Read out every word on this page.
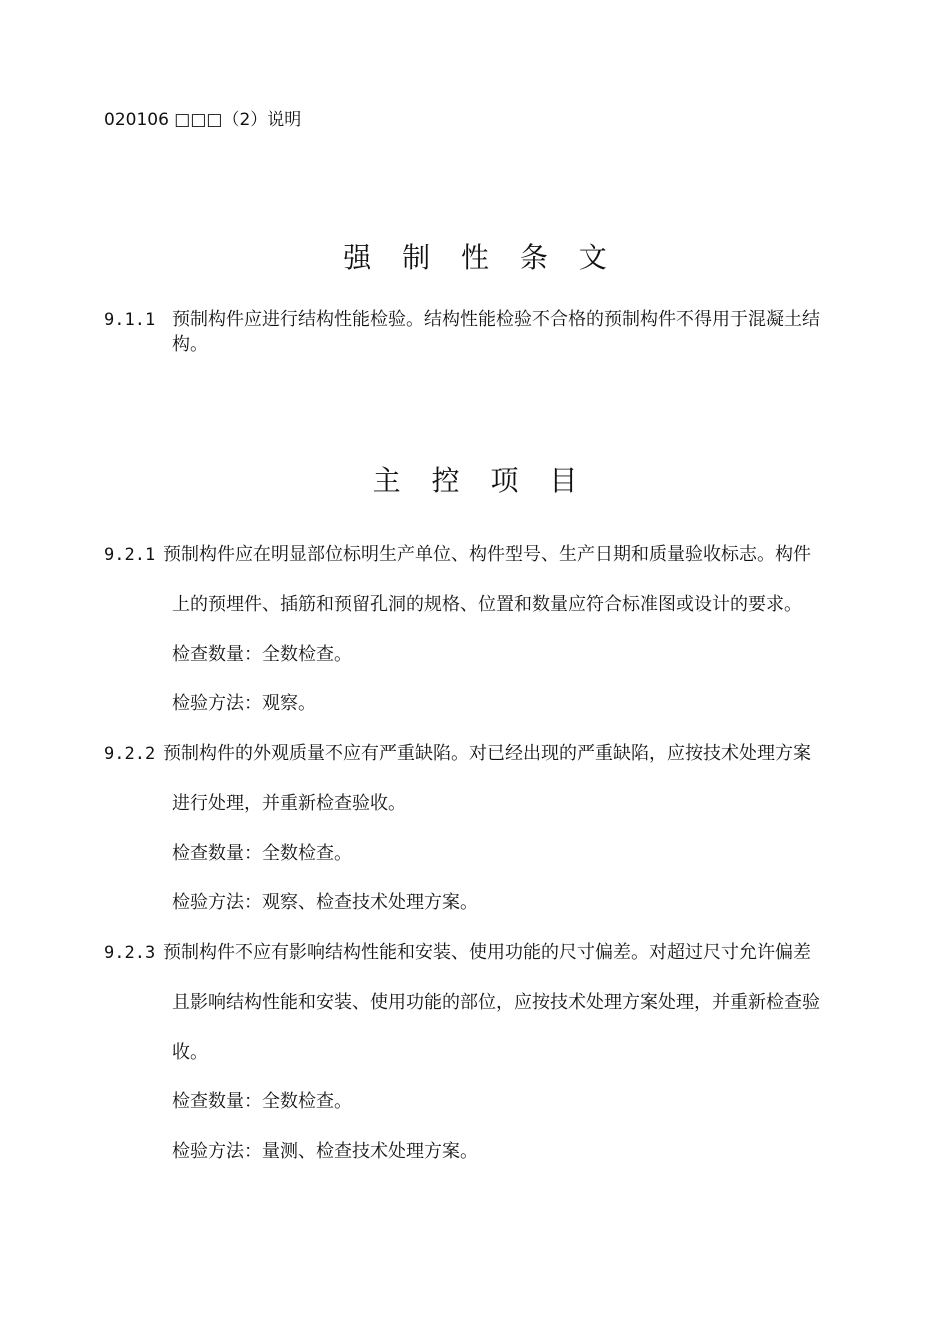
020106 □□□（2）说明
强 制 性 条 文
9.1.1 预制构件应进行结构性能检验。结构性能检验不合格的预制构件不得用于混凝土结
构。
主 控 项 目
9.2.1 预制构件应在明显部位标明生产单位、构件型号、生产日期和质量验收标志。构件
上的预埋件、插筋和预留孔洞的规格、位置和数量应符合标准图或设计的要求。
检查数量：全数检查。
检验方法：观察。
9.2.2 预制构件的外观质量不应有严重缺陷。对已经出现的严重缺陷，应按技术处理方案
进行处理，并重新检查验收。
检查数量：全数检查。
检验方法：观察、检查技术处理方案。
9.2.3 预制构件不应有影响结构性能和安装、使用功能的尺寸偏差。对超过尺寸允许偏差
且影响结构性能和安装、使用功能的部位，应按技术处理方案处理，并重新检查验
收。
检查数量：全数检查。
检验方法：量测、检查技术处理方案。
